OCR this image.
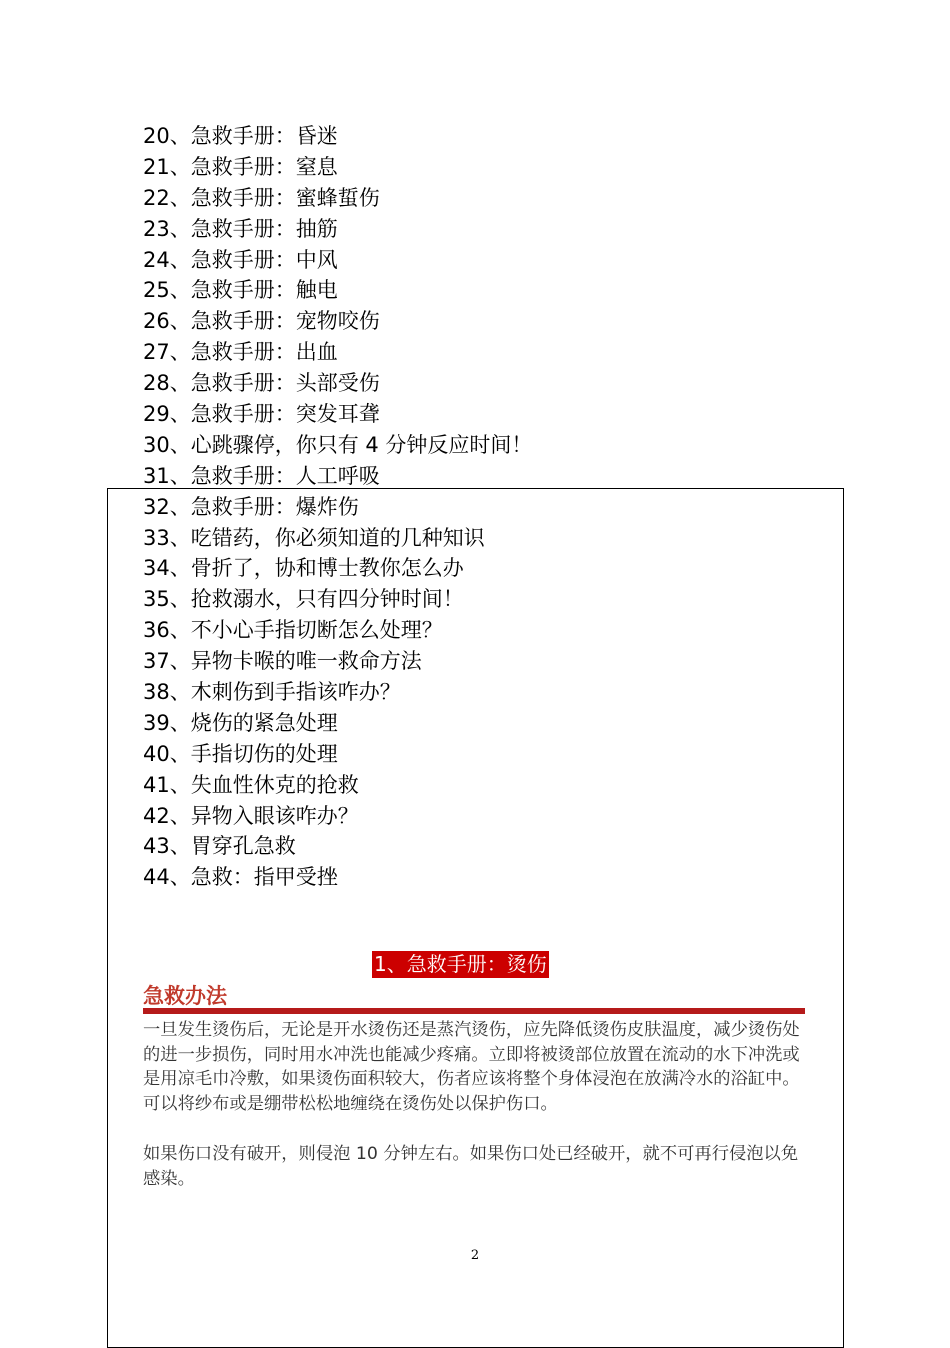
20、急救手册：昏迷
21、急救手册：窒息
22、急救手册：蜜蜂蜇伤
23、急救手册：抽筋
24、急救手册：中风
25、急救手册：触电
26、急救手册：宠物咬伤
27、急救手册：出血
28、急救手册：头部受伤
29、急救手册：突发耳聋
30、心跳骤停，你只有 4 分钟反应时间！
31、急救手册：人工呼吸
32、急救手册：爆炸伤
33、吃错药，你必须知道的几种知识
34、骨折了，协和博士教你怎么办
35、抢救溺水，只有四分钟时间！
36、不小心手指切断怎么处理？
37、异物卡喉的唯一救命方法
38、木刺伤到手指该咋办？
39、烧伤的紧急处理
40、手指切伤的处理
41、失血性休克的抢救
42、异物入眼该咋办？
43、胃穿孔急救
44、急救：指甲受挫
1、急救手册：烫伤
急救办法

一旦发生烫伤后，无论是开水烫伤还是蒸汽烫伤，应先降低烫伤皮肤温度，减少烫伤处的进一步损伤，同时用水冲洗也能减少疼痛。立即将被烫部位放置在流动的水下冲洗或是用凉毛巾冷敷，如果烫伤面积较大，伤者应该将整个身体浸泡在放满冷水的浴缸中。可以将纱布或是绷带松松地缠绕在烫伤处以保护伤口。

如果伤口没有破开，则侵泡 10 分钟左右。如果伤口处已经破开，就不可再行侵泡以免感染。

2
